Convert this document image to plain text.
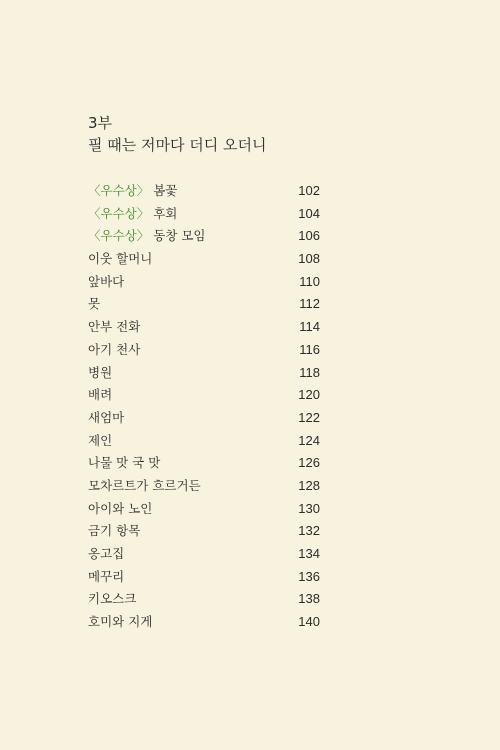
3부
필 때는 저마다 더디 오더니
〈우수상〉 봄꽃	102
〈우수상〉 후회	104
〈우수상〉 동창 모임	106
이웃 할머니	108
앞바다	110
못	112
안부 전화	114
아기 천사	116
병원	118
배려	120
새엄마	122
제인	124
나물 맛 국 맛	126
모차르트가 흐르거든	128
아이와 노인	130
금기 항목	132
옹고집	134
메꾸리	136
키오스크	138
호미와 지게	140
